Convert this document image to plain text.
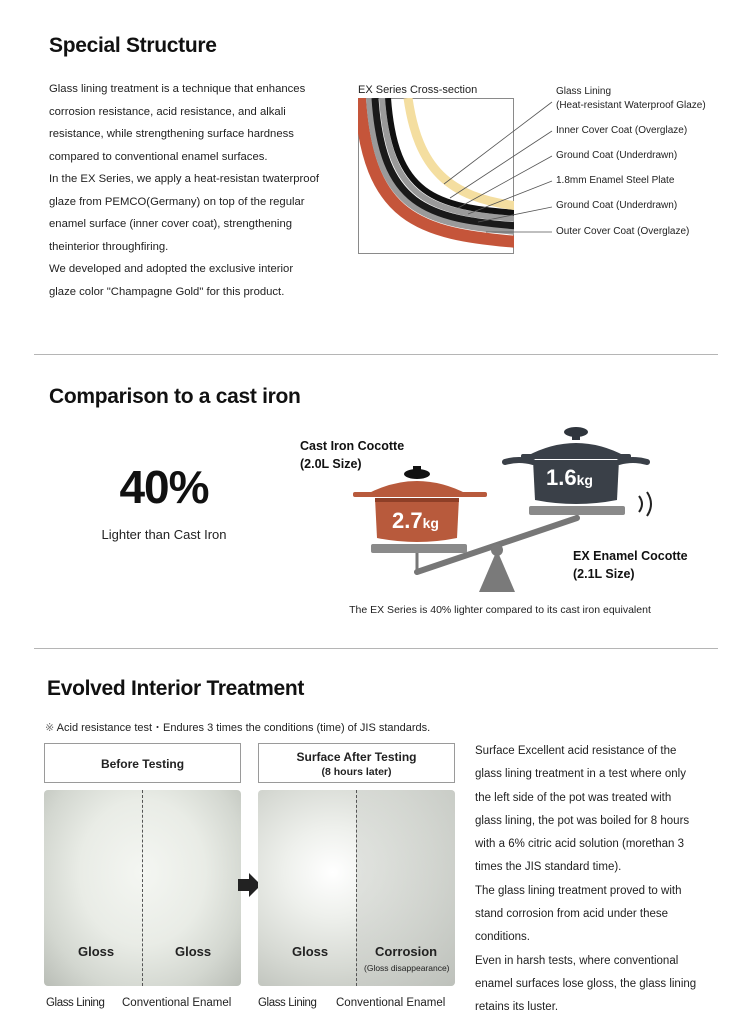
Special Structure

Glass lining treatment is a technique that enhances

corrosion resistance, acid resistance, and alkali

resistance, while strengthening surface hardness

compared to conventional enamel surfaces.

In the EX Series, we apply a heat-resistan twaterproof

glaze from PEMCO(Germany) on top of the regular

enamel surface (inner cover coat), strengthening

theinterior throughfiring.

We developed and adopted the exclusive interior

glaze color "Champagne Gold" for this product.

EX Series Cross-section	Glass Lining
(Heat-resistant Waterproof Glaze)
Inner Cover Coat (Overglaze)
Ground Coat (Underdrawn)
1.8mm Enamel Steel Plate
Ground Coat (Underdrawn)
Outer Cover Coat (Overglaze)
Comparison to a cast iron
40%
Lighter than Cast Iron
Cast Iron Cocotte
(2.0L Size)
2.7kg
1.6kg
EX Enamel Cocotte
(2.1L Size)
The EX Series is 40% lighter compared to its cast iron equivalent
Evolved Interior Treatment
※ Acid resistance test・Endures 3 times the conditions (time) of JIS standards.
Before Testing	Surface After Testing
(8 hours later)
Gloss	Gloss	Gloss	Corrosion
(Gloss disappearance)
Glass Lining Conventional Enamel Glass Lining Conventional Enamel

Surface Excellent acid resistance of the

glass lining treatment in a test where only

the left side of the pot was treated with

glass lining, the pot was boiled for 8 hours

with a 6% citric acid solution (morethan 3

times the JIS standard time).

The glass lining treatment proved to with

stand corrosion from acid under these

conditions.

Even in harsh tests, where conventional

enamel surfaces lose gloss, the glass lining

retains its luster.
